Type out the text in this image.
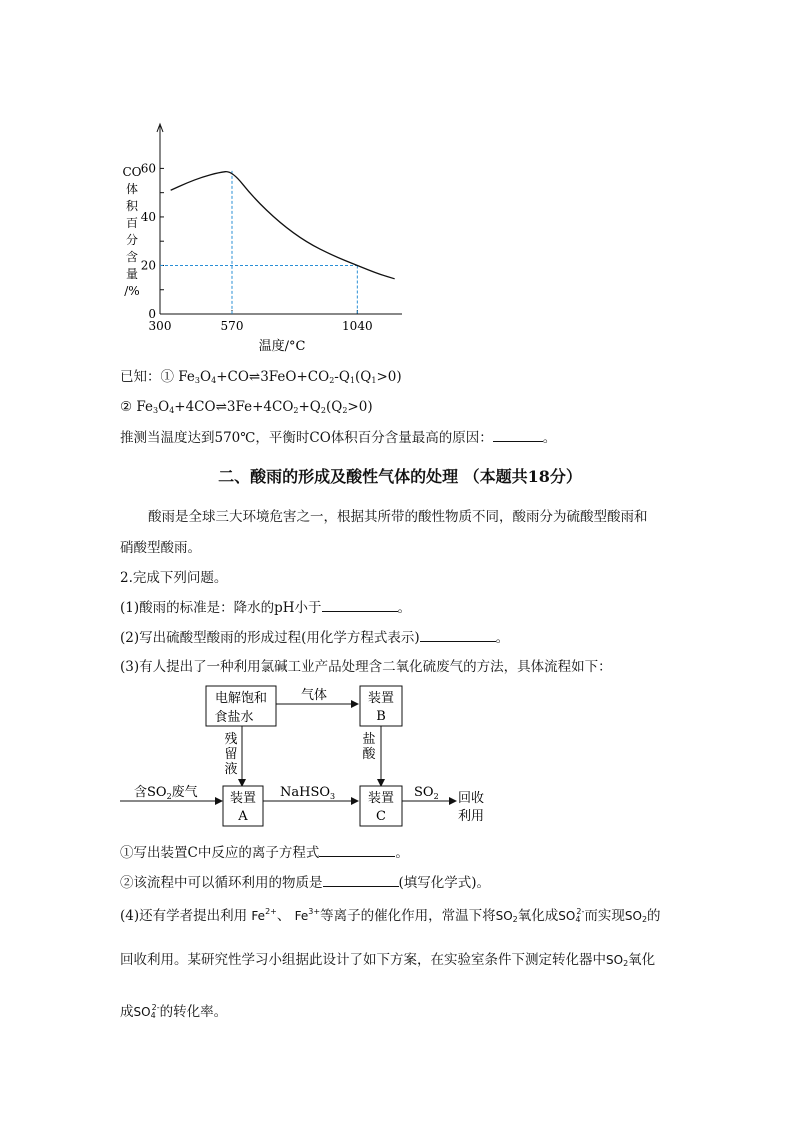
0
20
40
60
300	570	1040
CO
体
积
百
分
含
量
/%
温度/°C
已知：① $Fe_3O_4+CO\rightleftharpoons 3FeO+CO_2-Q_1(Q_1>0)$
② $Fe_3O_4+4CO\rightleftharpoons 3Fe+4CO_2+Q_2(Q_2>0)$
推测当温度达到570℃，平衡时CO体积百分含量最高的原因：	。
二、酸雨的形成及酸性气体的处理 （本题共18分）
酸雨是全球三大环境危害之一，根据其所带的酸性物质不同，酸雨分为硫酸型酸雨和
硝酸型酸雨。
2.完成下列问题。
(1)酸雨的标准是：降水的pH小于	。
(2)写出硫酸型酸雨的形成过程(用化学方程式表示)	。
(3)有人提出了一种利用氯碱工业产品处理含二氧化硫废气的方法，具体流程如下：
电解饱和
食盐水
气体	装置
B
残
留
液
盐
酸
含$SO_2$废气 装置
A
NaHSO$_3$	装置
C
$SO_2$ 回收
利用
①写出装置C中反应的离子方程式	。
②该流程中可以循环利用的物质是	(填写化学式)。
(4)还有学者提出利用 $Fe^{2+}$、 $Fe^{3+}$等离子的催化作用，常温下将$SO_2$氧化成$SO_4^{2-}$而实现$SO_2$的
回收利用。某研究性学习小组据此设计了如下方案，在实验室条件下测定转化器中$SO_2$氧化
成$SO_4^{2-}$的转化率。
